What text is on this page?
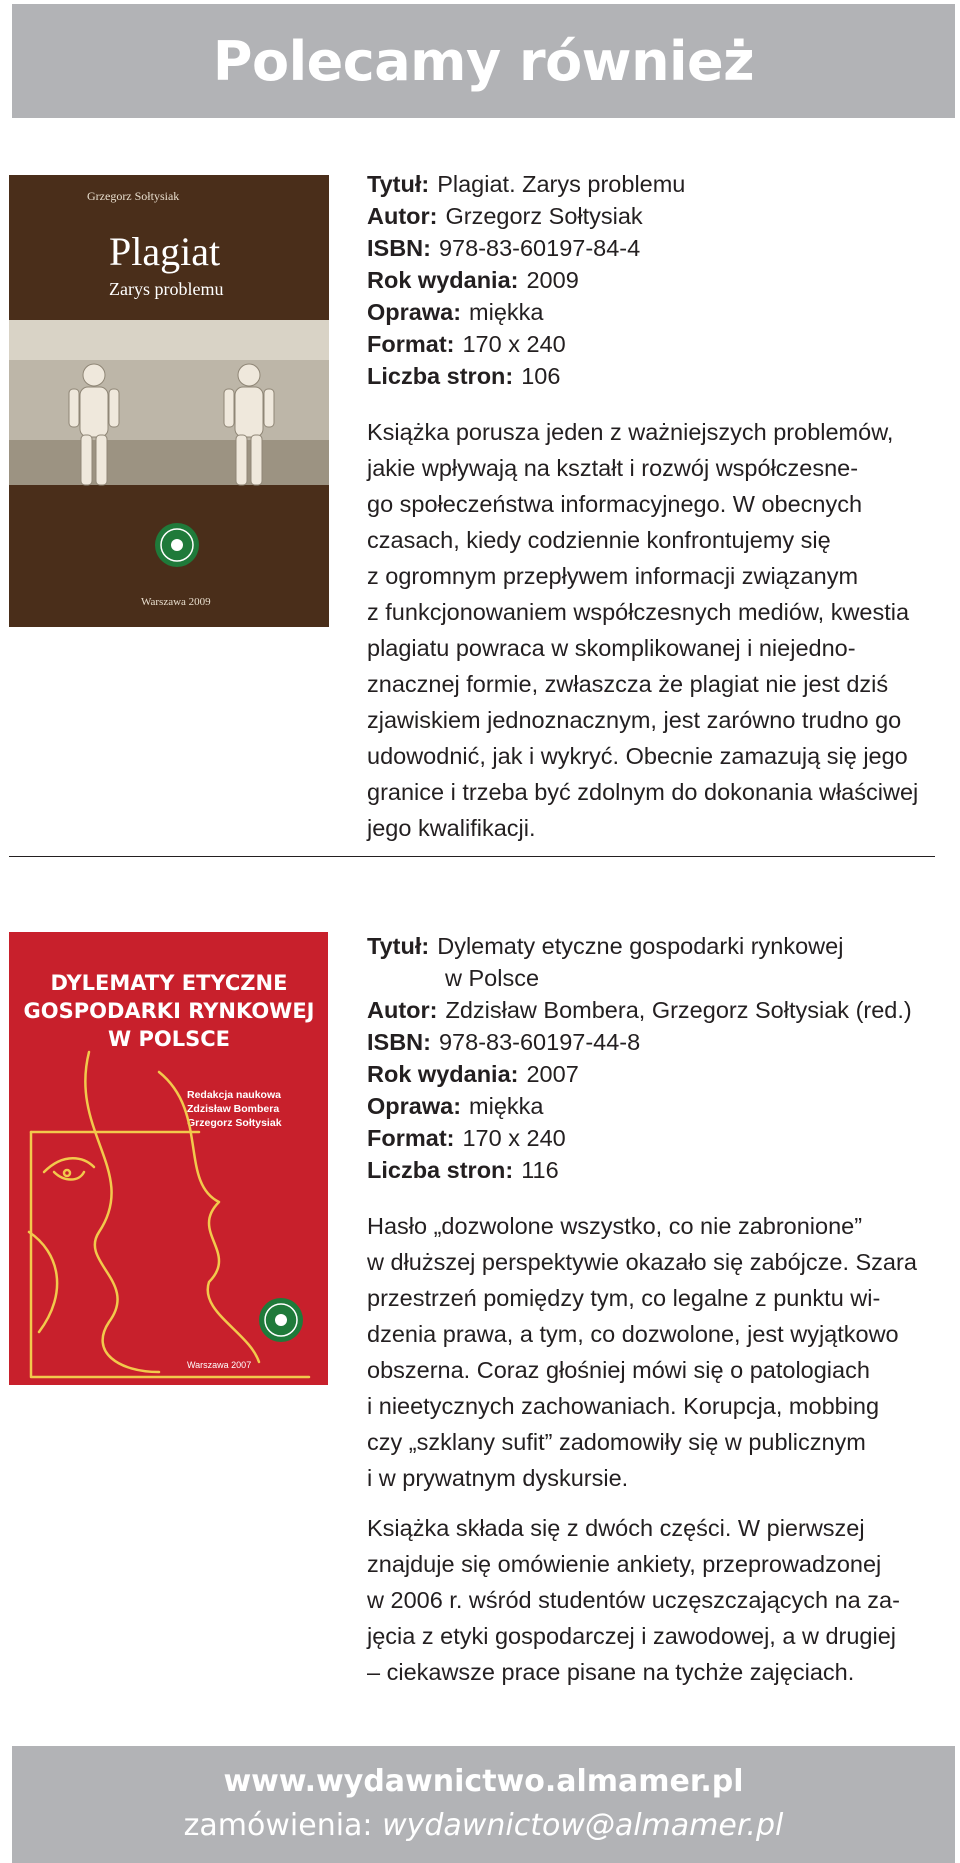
Polecamy również
Grzegorz Sołtysiak
Plagiat
Zarys problemu
Warszawa 2009
Tytuł: Plagiat. Zarys problemu
Autor: Grzegorz Sołtysiak
ISBN: 978-83-60197-84-4
Rok wydania: 2009
Oprawa: miękka
Format: 170 x 240
Liczba stron: 106

Książka porusza jeden z ważniejszych problemów,
jakie wpływają na kształt i rozwój współczesne-
go społeczeństwa informacyjnego. W obecnych
czasach, kiedy codziennie konfrontujemy się
z ogromnym przepływem informacji związanym
z funkcjonowaniem współczesnych mediów, kwestia
plagiatu powraca w skomplikowanej i niejedno-
znacznej formie, zwłaszcza że plagiat nie jest dziś
zjawiskiem jednoznacznym, jest zarówno trudno go
udowodnić, jak i wykryć. Obecnie zamazują się jego
granice i trzeba być zdolnym do dokonania właściwej
jego kwalifikacji.

DYLEMATY ETYCZNE
GOSPODARKI RYNKOWEJ
W POLSCE
Redakcja naukowa
Zdzisław Bombera
Grzegorz Sołtysiak
Warszawa 2007
Tytuł: Dylematy etyczne gospodarki rynkowej
w Polsce
Autor: Zdzisław Bombera, Grzegorz Sołtysiak (red.)
ISBN: 978-83-60197-44-8
Rok wydania: 2007
Oprawa: miękka
Format: 170 x 240
Liczba stron: 116

Hasło „dozwolone wszystko, co nie zabronione”
w dłuższej perspektywie okazało się zabójcze. Szara
przestrzeń pomiędzy tym, co legalne z punktu wi-
dzenia prawa, a tym, co dozwolone, jest wyjątkowo
obszerna. Coraz głośniej mówi się o patologiach
i nieetycznych zachowaniach. Korupcja, mobbing
czy „szklany sufit” zadomowiły się w publicznym
i w prywatnym dyskursie.

Książka składa się z dwóch części. W pierwszej
znajduje się omówienie ankiety, przeprowadzonej
w 2006 r. wśród studentów uczęszczających na za-
jęcia z etyki gospodarczej i zawodowej, a w drugiej
– ciekawsze prace pisane na tychże zajęciach.

www.wydawnictwo.almamer.pl
zamówienia: wydawnictow@almamer.pl
